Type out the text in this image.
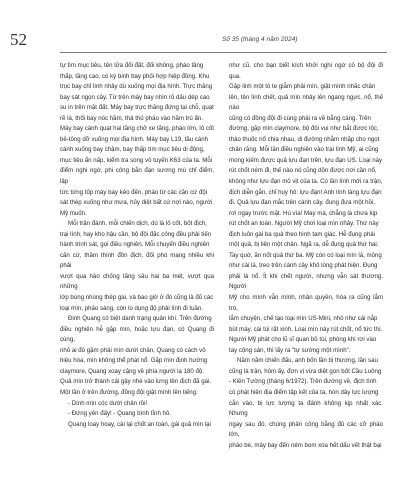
52	Số 35 (tháng 4 năm 2024)

tự tìm mục tiêu, tên lửa đối đất, đối không, pháo tầng
thấp, tầng cao, có ký binh bay phối hợp hiệp đồng. Khu
trục bay chỉ lình nhảy dù xuống mọi địa hình. Trực thăng
bay sát ngọn cây. Từ trên máy bay nhìn rõ dấu dép cao
su in trên mặt đất. Máy bay trực thăng đứng tại chỗ, quạt
rẽ lá, thổi bay nóc hầm, thả thủ pháo vào hầm trú ẩn.
Máy bay cánh quạt hai tầng chở xe tăng, pháo lớn, lô cốt
bê-tông dỡ xuống mọi địa hình. Máy bay L19, tầu cánh
cánh xuống bay chậm, bay thấp tìm mục tiêu di động,
mục tiêu ẩn nấp, kiểm tra song vô tuyến K63 của ta. Mỗi
điểm nghi ngờ, phi công bắn đạn sương mù chỉ điểm, lập
tức từng tốp máy bay kéo đến, pháo từ các căn cứ đội
sát thép xuống như mưa, hủy diệt bất cứ nơi nào, người
Mỹ muốn.

Mỗi trận đánh, mỗi chiến dịch, dù là lô cốt, bốt địch,
trại lính, hay kho hậu cần, bộ đội đặc công đều phải tiến
hành trinh sát, gọi điều nghiên. Mỗi chuyến điều nghiên
căn cứ, thăm thính đồn địch, đối phó mạng nhiều khi phải
vượt qua hào chống tăng sâu hai ba mét, vượt qua những
lớp bùng nhùng thép gai, và bao giờ ở đó cũng là đủ các
loại mìn, pháo sáng, còn lo dụng độ phải lính đi tuần.

Đinh Quang có biệt danh trạng quân khí. Trên đường
điều nghiên hễ gặp mìn, hoặc lựu đạn, có Quang đi cùng,
nhỏ ai đó gặm phải mìn dưới chân, Quang có cách vô
hiệu hóa, mìn không thể phát nổ. Gặp mìn định hướng
claymore, Quang xoay cặng về phía người lạ 180 độ.
Quả mìn trở thành cái gậy nhè vào lưng tên địch đã gài.
Một lần ở trên đường, đồng đội giật mình lên tiếng:

- Dính mìn cóc dưới chân rồi!

- Đứng yên đấy! - Quang bình tĩnh hô.

Quang loay hoay, cái lại chốt an toàn, gái quả mìn lại

như cũ, cho bạn biết kích khởi nghi ngờ cỏ bộ đội đi qua.
Gặp linh một tò te giẫm phải mìn, giật mình nhấc chân
lên, tên lính chết, quả mìn nhảy lên ngang ngực, nổ, thế nào
cũng có đồng đội đi cùng phải ra về bằng cáng. Trên
đường, gặp mìn claymore, bộ đội vui như bắt được lộc,
thảo thuốc nổ chia nhau, di đường nhằm nhặp cho ngọt
chân răng. Mỗi lần điều nghiên vào trại lính Mỹ, ai cũng
mong kiếm được quả lựu đạn trên, lựu đạn US. Loại này
rút chốt ném đi, thế nào nó cũng dồn được nơi cần nổ,
không như lựu đạn mỏ vịt của ta. Có lần lính mới ra trận,
địch diễn gắn, chỉ hụy hô: lựu đạn! Anh lính làng lựu đạn
đi. Quả lựu đạn mắc trên cành cây, đung đưa một hồi,
rơi ngay trước mặt. Hú vía! May mà, chẳng là chưa kịp
rút chốt an toàn. Người Mỹ chơi loại mìn nhảy. Thứ này
địch luôn gài ba quả theo hình tam giác. Hễ đụng phải
một quả, bị liên một chân. Ngã ra, dễ đụng quả thứ hai.
Tay quờ, ăn nốt quả thứ ba. Mỹ còn có loại mìn lá, mỏng
như cái lá, treo trên cành cây khô lòng phát hiện. Đụng
phải là nổ. Ít khi chết người, nhưng vẫn sát thương. Người
Mỹ cho mình vẫn mình, nhân quyền, hóa ra cũng lắm trò,
lắm chuyện, chế tạo loại mìn US-Mini, nhỏ như cái nắp
bút máy, cài túi rất xinh. Loại mìn này rút chốt, nổ tức thì.
Người Mỹ phát cho lũ sĩ quan bồ tùi, phòng khi rơi vào
tay cộng sản, thì lấy ra "tự sướng một mình".

Năm năm chiến đấu, anh bốn lần bị thương, lần sau
cũng là trận, hôm ấy, đơn vị vừa diệt gọn bốt Cầu Luông
- Kiền Tường (tháng 6/1972). Trên đường về, địch tình
có phát hiện địa điểm tập kết của ta, hòn dây lực lượng
cắn vào, bị lực lượng ta đánh không kịp nhất xác. Nhưng
ngay sau đó, chúng phản công bằng đủ các cỡ pháo lớn,
pháo bè, máy bay đến ném bom xóa hết dấu vết thật bại
